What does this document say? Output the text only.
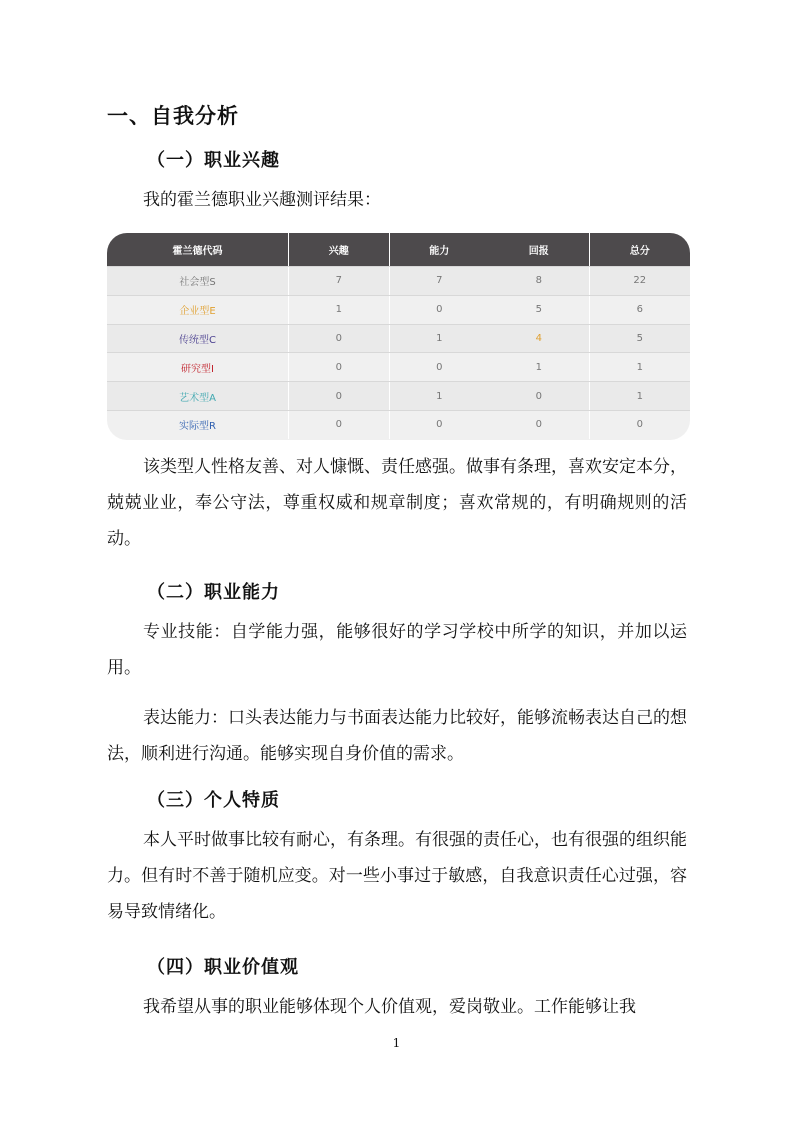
一、自我分析
（一）职业兴趣

我的霍兰德职业兴趣测评结果：

霍兰德代码	兴趣	能力	回报	总分
社会型S	7	7	8	22
企业型E	1	0	5	6
传统型C	0	1	4	5
研究型I	0	0	1	1
艺术型A	0	1	0	1
实际型R	0	0	0	0

该类型人性格友善、对人慷慨、责任感强。做事有条理，喜欢安定本分，兢兢业业，奉公守法，尊重权威和规章制度；喜欢常规的，有明确规则的活动。

（二）职业能力

专业技能：自学能力强，能够很好的学习学校中所学的知识，并加以运用。

表达能力：口头表达能力与书面表达能力比较好，能够流畅表达自己的想法，顺利进行沟通。能够实现自身价值的需求。

（三）个人特质

本人平时做事比较有耐心，有条理。有很强的责任心，也有很强的组织能力。但有时不善于随机应变。对一些小事过于敏感，自我意识责任心过强，容易导致情绪化。

（四）职业价值观

我希望从事的职业能够体现个人价值观，爱岗敬业。工作能够让我

1
